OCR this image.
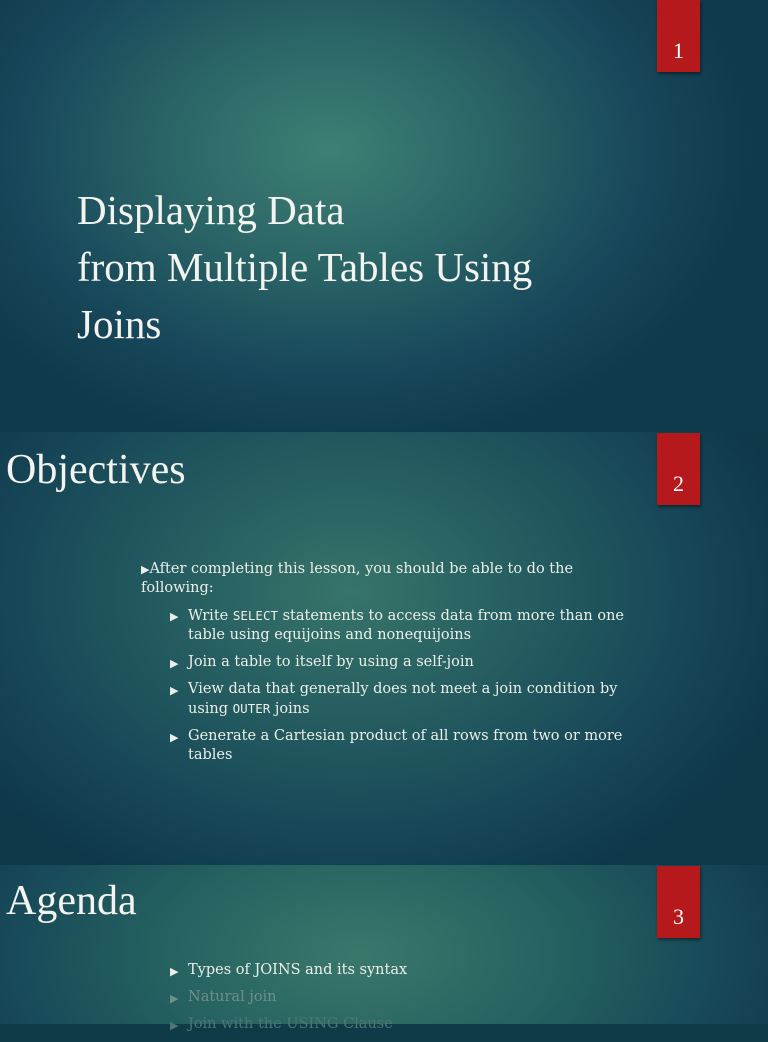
1
Displaying Data
from Multiple Tables Using
Joins
Objectives	2
▶After completing this lesson, you should be able to do the following:
▶ Write SELECT statements to access data from more than one table using equijoins and nonequijoins
▶ Join a table to itself by using a self-join
▶ View data that generally does not meet a join condition by using OUTER joins
▶ Generate a Cartesian product of all rows from two or more tables
Agenda	3
▶ Types of JOINS and its syntax
▶ Natural join
▶ Join with the USING Clause
